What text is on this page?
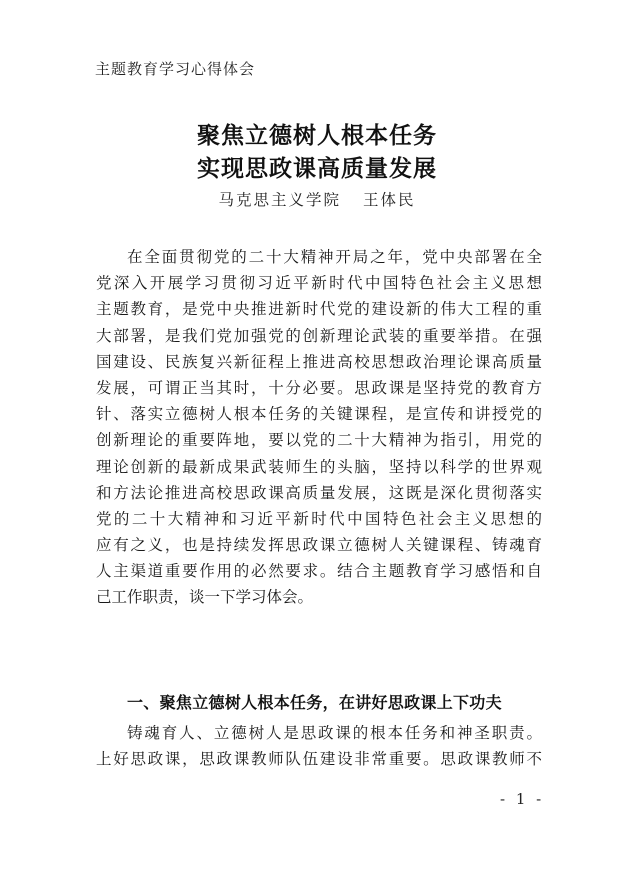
主题教育学习心得体会
聚焦立德树人根本任务
实现思政课高质量发展
马克思主义学院 王体民
在全面贯彻党的二十大精神开局之年，党中央部署在全
党深入开展学习贯彻习近平新时代中国特色社会主义思想
主题教育，是党中央推进新时代党的建设新的伟大工程的重
大部署，是我们党加强党的创新理论武装的重要举措。在强
国建设、民族复兴新征程上推进高校思想政治理论课高质量
发展，可谓正当其时，十分必要。思政课是坚持党的教育方
针、落实立德树人根本任务的关键课程，是宣传和讲授党的
创新理论的重要阵地，要以党的二十大精神为指引，用党的
理论创新的最新成果武装师生的头脑，坚持以科学的世界观
和方法论推进高校思政课高质量发展，这既是深化贯彻落实
党的二十大精神和习近平新时代中国特色社会主义思想的
应有之义，也是持续发挥思政课立德树人关键课程、铸魂育
人主渠道重要作用的必然要求。结合主题教育学习感悟和自
己工作职责，谈一下学习体会。
一、聚焦立德树人根本任务，在讲好思政课上下功夫
铸魂育人、立德树人是思政课的根本任务和神圣职责。
上好思政课，思政课教师队伍建设非常重要。思政课教师不
- 1 -
